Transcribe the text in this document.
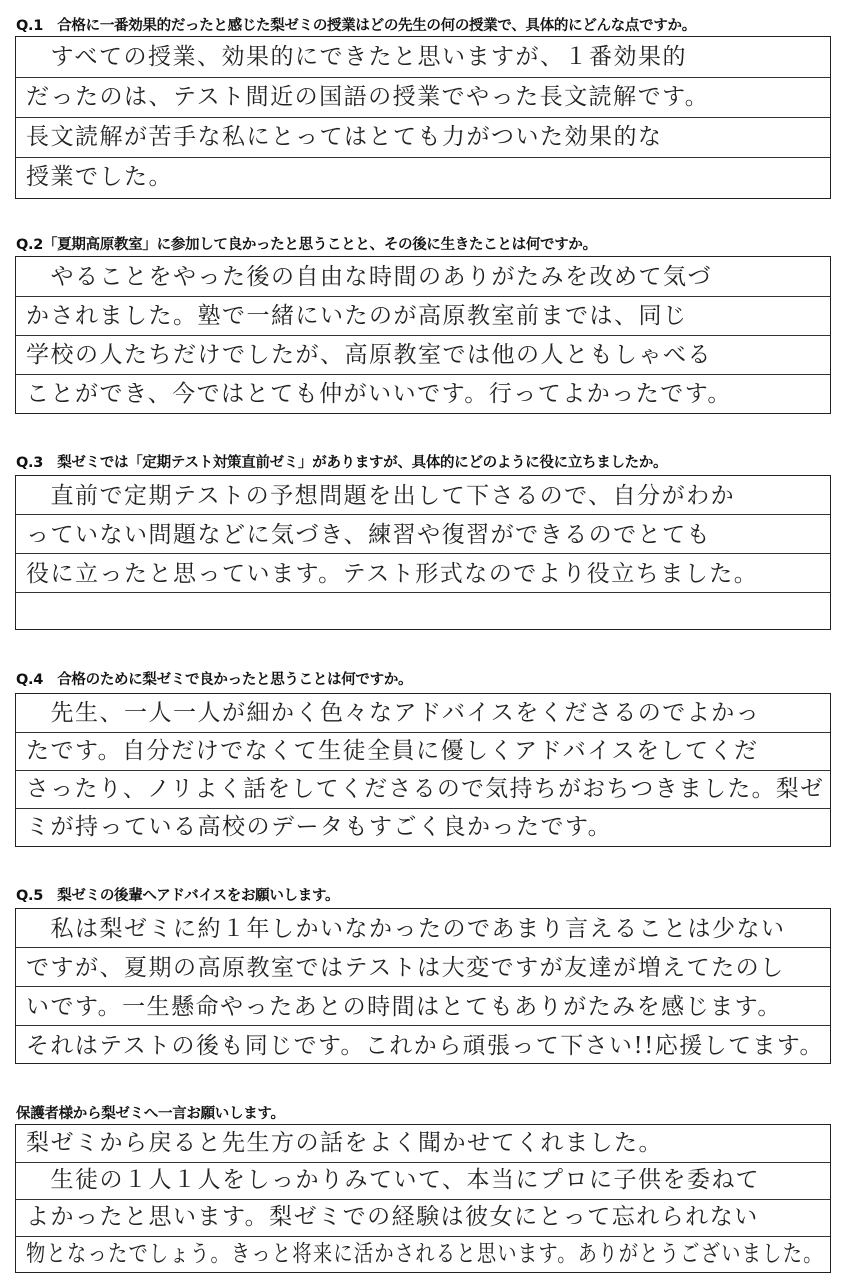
Q.1　合格に一番効果的だったと感じた梨ゼミの授業はどの先生の何の授業で、具体的にどんな点ですか。
　すべての授業、効果的にできたと思いますが、１番効果的
だったのは、テスト間近の国語の授業でやった長文読解です。
長文読解が苦手な私にとってはとても力がついた効果的な
授業でした。
Q.2「夏期高原教室」に参加して良かったと思うことと、その後に生きたことは何ですか。
　やることをやった後の自由な時間のありがたみを改めて気づ
かされました。塾で一緒にいたのが高原教室前までは、同じ
学校の人たちだけでしたが、高原教室では他の人ともしゃべる
ことができ、今ではとても仲がいいです。行ってよかったです。
Q.3　梨ゼミでは「定期テスト対策直前ゼミ」がありますが、具体的にどのように役に立ちましたか。
　直前で定期テストの予想問題を出して下さるので、自分がわか
っていない問題などに気づき、練習や復習ができるのでとても
役に立ったと思っています。テスト形式なのでより役立ちました。
Q.4　合格のために梨ゼミで良かったと思うことは何ですか。
　先生、一人一人が細かく色々なアドバイスをくださるのでよかっ
たです。自分だけでなくて生徒全員に優しくアドバイスをしてくだ
さったり、ノリよく話をしてくださるので気持ちがおちつきました。梨ゼ
ミが持っている高校のデータもすごく良かったです。
Q.5　梨ゼミの後輩へアドバイスをお願いします。
　私は梨ゼミに約１年しかいなかったのであまり言えることは少ない
ですが、夏期の高原教室ではテストは大変ですが友達が増えてたのし
いです。一生懸命やったあとの時間はとてもありがたみを感じます。
それはテストの後も同じです。これから頑張って下さい!!応援してます。
保護者様から梨ゼミへ一言お願いします。
梨ゼミから戻ると先生方の話をよく聞かせてくれました。
　生徒の１人１人をしっかりみていて、本当にプロに子供を委ねて
よかったと思います。梨ゼミでの経験は彼女にとって忘れられない
物となったでしょう。きっと将来に活かされると思います。ありがとうございました。
